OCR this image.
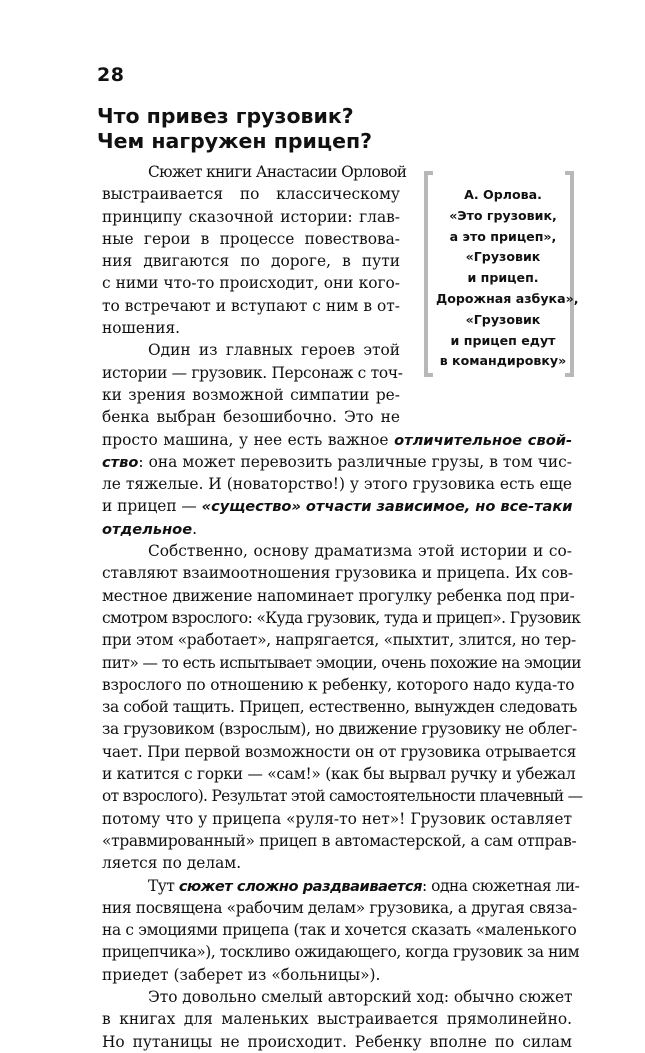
28
Что привез грузовик?
Чем нагружен прицеп?
А. Орлова.
«Это грузовик,
а это прицеп»,
«Грузовик
и прицеп.
Дорожная азбука»,
«Грузовик
и прицеп едут
в командировку»
Сюжет книги Анастасии Орловой
выстраивается по классическому
принципу сказочной истории: глав-
ные герои в процессе повествова-
ния двигаются по дороге, в пути
с ними что-то происходит, они кого-
то встречают и вступают с ним в от-
ношения.
Один из главных героев этой
истории — грузовик. Персонаж с точ-
ки зрения возможной симпатии ре-
бенка выбран безошибочно. Это не
просто машина, у нее есть важное отличительное свой-
ство: она может перевозить различные грузы, в том чис-
ле тяжелые. И (новаторство!) у этого грузовика есть еще
и прицеп — «существо» отчасти зависимое, но все-таки
отдельное.
Собственно, основу драматизма этой истории и со-
ставляют взаимоотношения грузовика и прицепа. Их сов-
местное движение напоминает прогулку ребенка под при-
смотром взрослого: «Куда грузовик, туда и прицеп». Грузовик
при этом «работает», напрягается, «пыхтит, злится, но тер-
пит» — то есть испытывает эмоции, очень похожие на эмоции
взрослого по отношению к ребенку, которого надо куда-то
за собой тащить. Прицеп, естественно, вынужден следовать
за грузовиком (взрослым), но движение грузовику не облег-
чает. При первой возможности он от грузовика отрывается
и катится с горки — «сам!» (как бы вырвал ручку и убежал
от взрослого). Результат этой самостоятельности плачевный —
потому что у прицепа «руля-то нет»! Грузовик оставляет
«травмированный» прицеп в автомастерской, а сам отправ-
ляется по делам.
Тут сюжет сложно раздваивается: одна сюжетная ли-
ния посвящена «рабочим делам» грузовика, а другая связа-
на с эмоциями прицепа (так и хочется сказать «маленького
прицепчика»), тоскливо ожидающего, когда грузовик за ним
приедет (заберет из «больницы»).
Это довольно смелый авторский ход: обычно сюжет
в книгах для маленьких выстраивается прямолинейно.
Но путаницы не происходит. Ребенку вполне по силам
